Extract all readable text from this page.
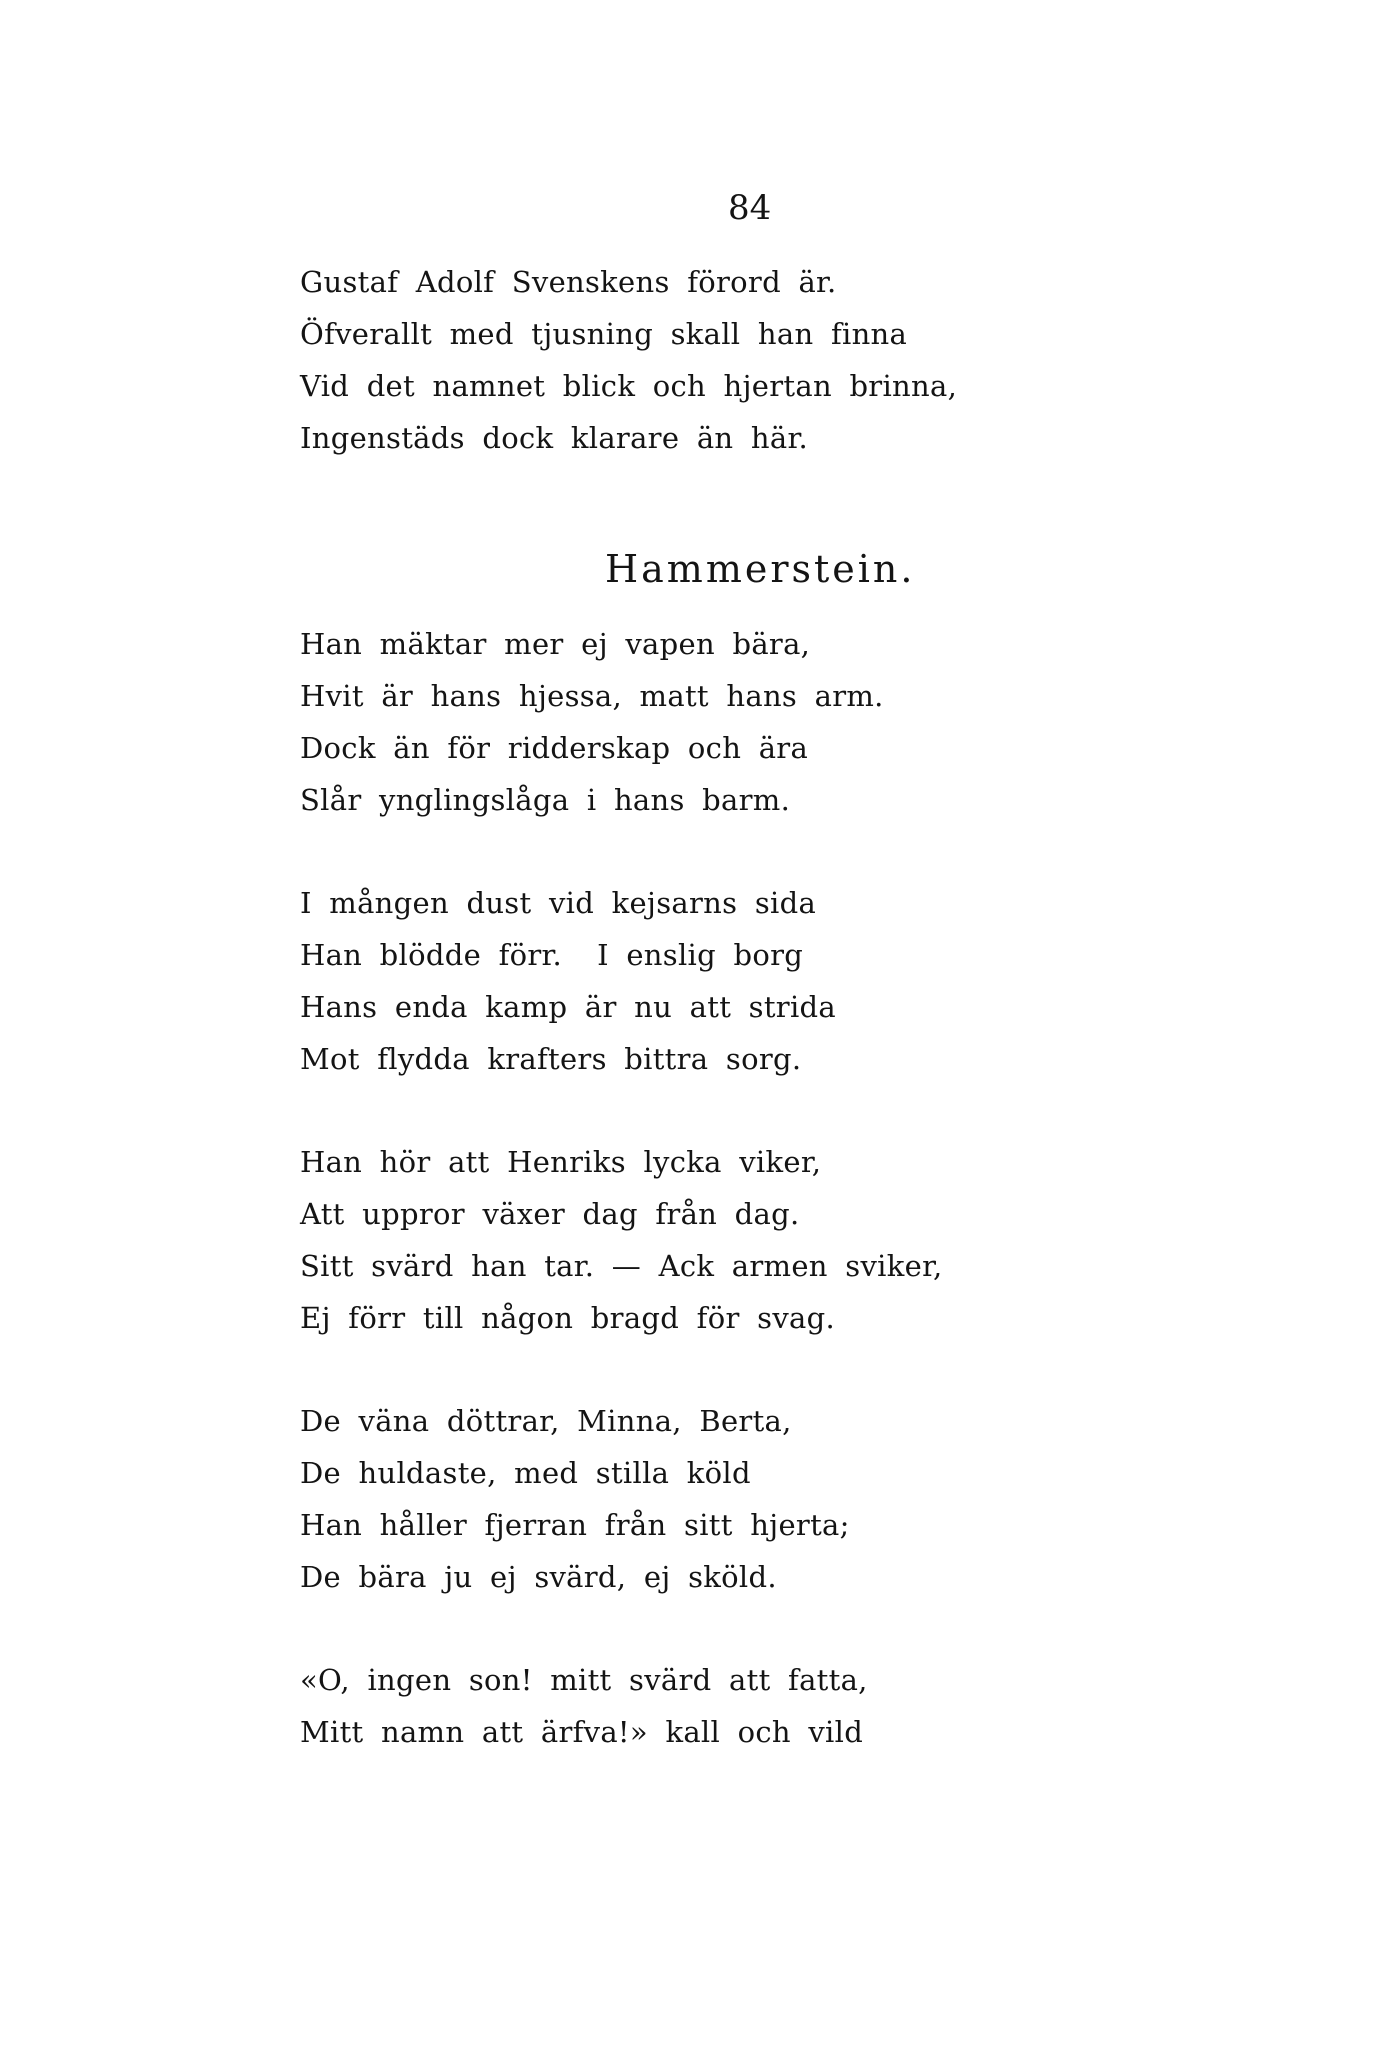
84
Gustaf Adolf Svenskens förord är.
Öfverallt med tjusning skall han finna
Vid det namnet blick och hjertan brinna,
Ingenstäds dock klarare än här.
Hammerstein.
Han mäktar mer ej vapen bära,
Hvit är hans hjessa, matt hans arm.
Dock än för ridderskap och ära
Slår ynglingslåga i hans barm.
I mången dust vid kejsarns sida
Han blödde förr.  I enslig borg
Hans enda kamp är nu att strida
Mot flydda krafters bittra sorg.
Han hör att Henriks lycka viker,
Att uppror växer dag från dag.
Sitt svärd han tar. — Ack armen sviker,
Ej förr till någon bragd för svag.
De väna döttrar, Minna, Berta,
De huldaste, med stilla köld
Han håller fjerran från sitt hjerta;
De bära ju ej svärd, ej sköld.
«O, ingen son! mitt svärd att fatta,
Mitt namn att ärfva!» kall och vild
